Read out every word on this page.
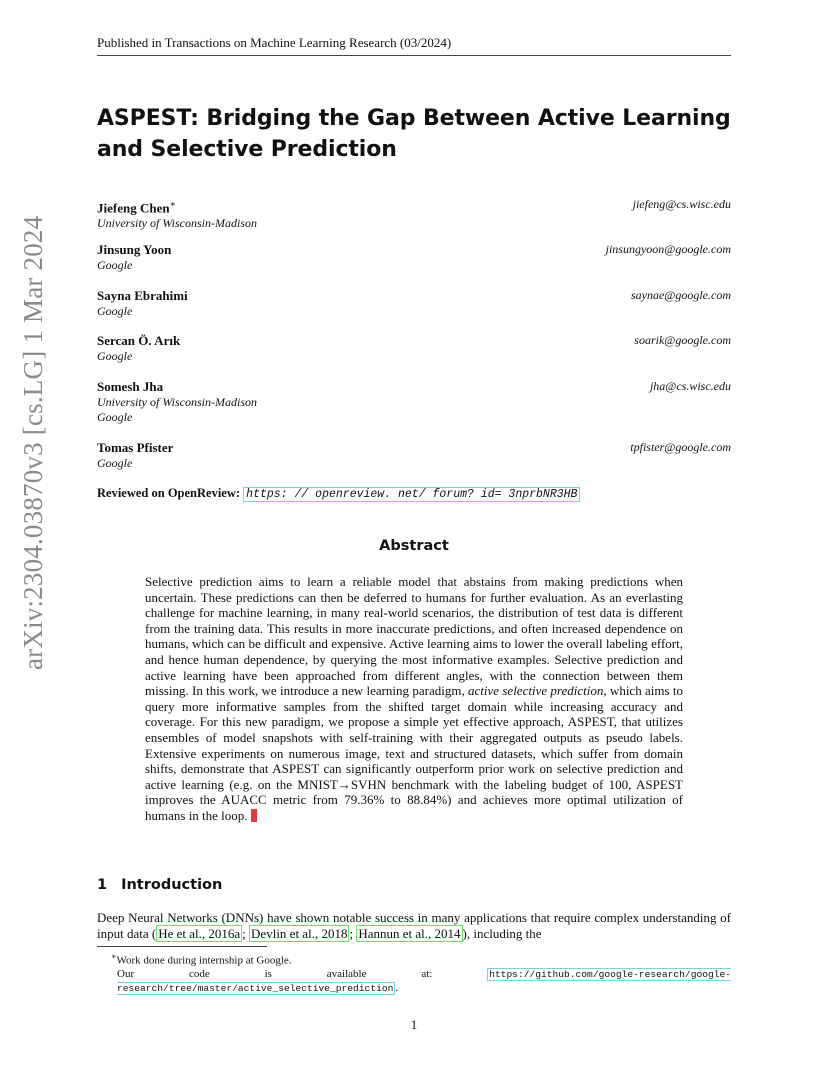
Published in Transactions on Machine Learning Research (03/2024)
arXiv:2304.03870v3 [cs.LG] 1 Mar 2024
ASPEST: Bridging the Gap Between Active Learning and Selective Prediction
Jiefeng Chen∗
University of Wisconsin-Madison
jiefeng@cs.wisc.edu
Jinsung Yoon
Google
jinsungyoon@google.com
Sayna Ebrahimi
Google
saynae@google.com
Sercan Ö. Arık
Google
soarik@google.com
Somesh Jha
University of Wisconsin-Madison
Google
jha@cs.wisc.edu
Tomas Pfister
Google
tpfister@google.com
Reviewed on OpenReview: https: // openreview. net/ forum? id= 3nprbNR3HB
Abstract
Selective prediction aims to learn a reliable model that abstains from making predictions when uncertain. These predictions can then be deferred to humans for further evaluation. As an everlasting challenge for machine learning, in many real-world scenarios, the distribution of test data is different from the training data. This results in more inaccurate predictions, and often increased dependence on humans, which can be difficult and expensive. Active learning aims to lower the overall labeling effort, and hence human dependence, by querying the most informative examples. Selective prediction and active learning have been approached from different angles, with the connection between them missing. In this work, we introduce a new learning paradigm, active selective prediction, which aims to query more informative samples from the shifted target domain while increasing accuracy and coverage. For this new paradigm, we propose a simple yet effective approach, ASPEST, that utilizes ensembles of model snapshots with self-training with their aggregated outputs as pseudo labels. Extensive experiments on numerous image, text and structured datasets, which suffer from domain shifts, demonstrate that ASPEST can significantly outperform prior work on selective prediction and active learning (e.g. on the MNIST→SVHN benchmark with the labeling budget of 100, ASPEST improves the AUACC metric from 79.36% to 88.84%) and achieves more optimal utilization of humans in the loop.
1 Introduction
Deep Neural Networks (DNNs) have shown notable success in many applications that require complex understanding of input data ( He et al., 2016a ; Devlin et al., 2018 ; Hannun et al., 2014 ), including the
∗Work done during internship at Google.
Our code is available at:	https://github.com/google-research/google-research/tree/master/active_selective_prediction .
1
